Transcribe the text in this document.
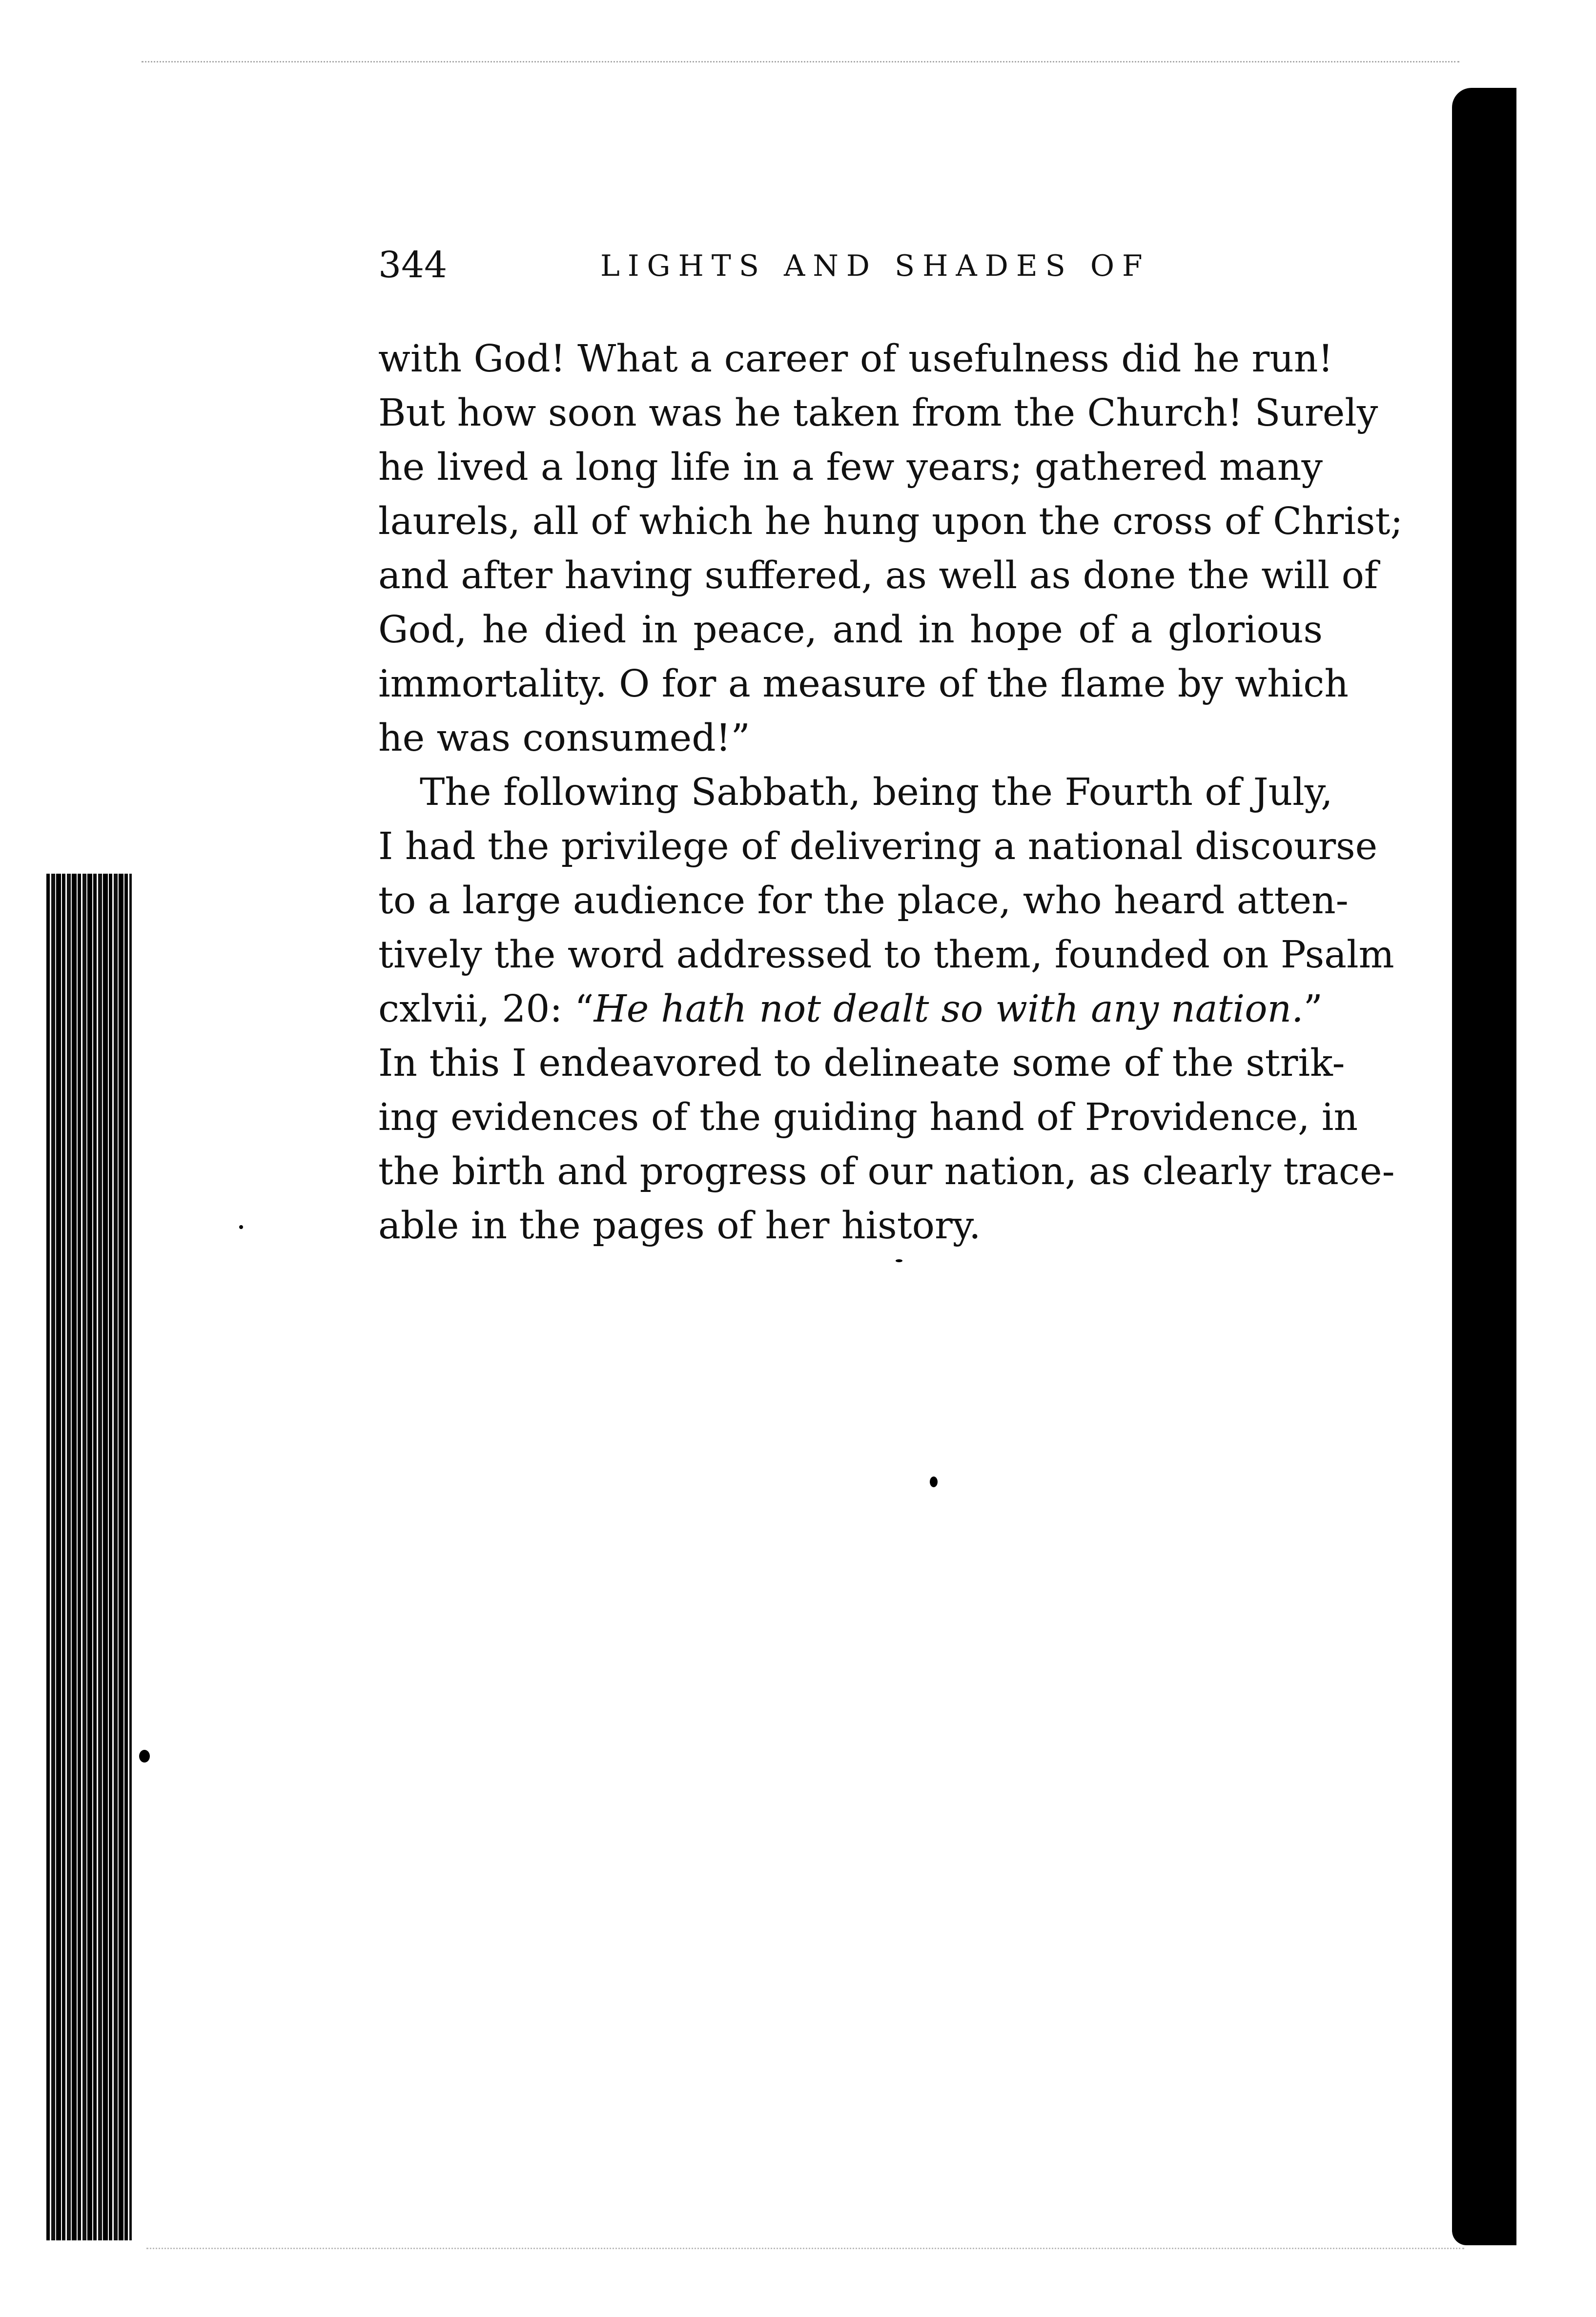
344	LIGHTS AND SHADES OF
with God! What a career of usefulness did he run!
But how soon was he taken from the Church! Surely
he lived a long life in a few years; gathered many
laurels, all of which he hung upon the cross of Christ;
and after having suffered, as well as done the will of
God, he died in peace, and in hope of a glorious
immortality. O for a measure of the flame by which
he was consumed!”
The following Sabbath, being the Fourth of July,
I had the privilege of delivering a national discourse
to a large audience for the place, who heard atten-
tively the word addressed to them, founded on Psalm
cxlvii, 20: “He hath not dealt so with any nation.”
In this I endeavored to delineate some of the strik-
ing evidences of the guiding hand of Providence, in
the birth and progress of our nation, as clearly trace-
able in the pages of her history.
